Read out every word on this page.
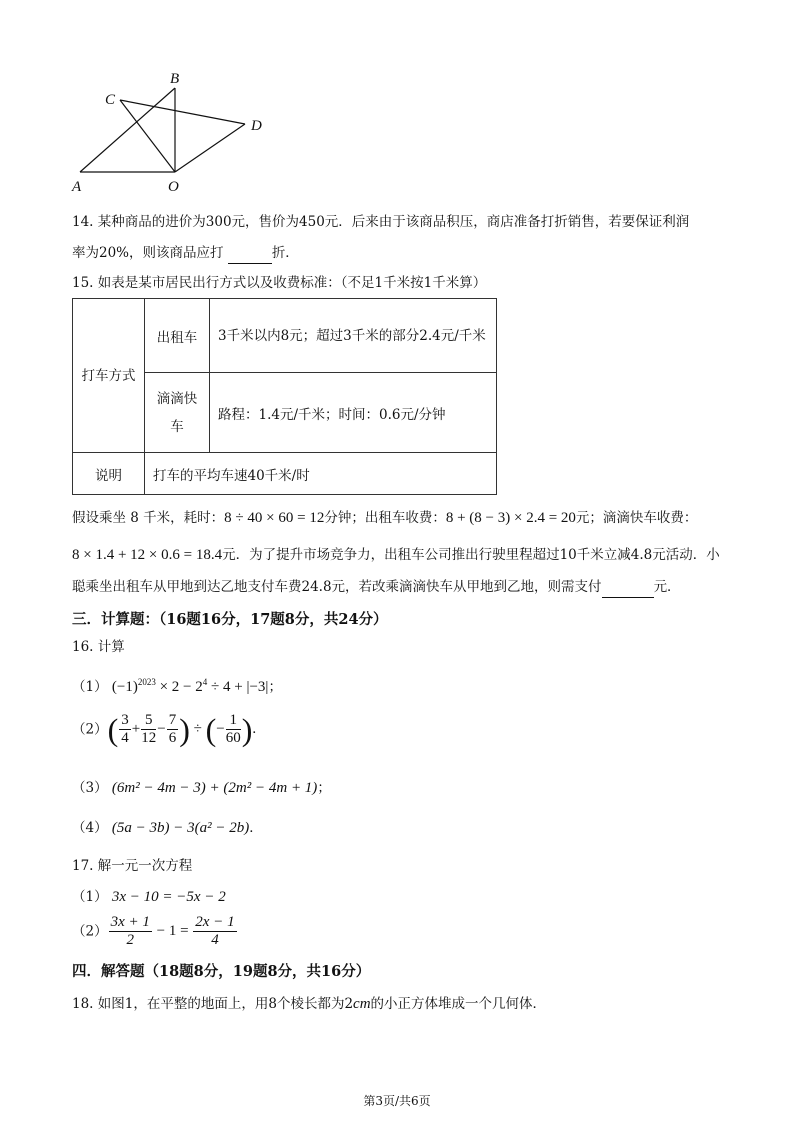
B
C
D
A	O
14. 某种商品的进价为300元，售价为450元．后来由于该商品积压，商店准备打折销售，若要保证利润
率为20%，则该商品应打	折．
15. 如表是某市居民出行方式以及收费标准：（不足1千米按1千米算）
打车方式	出租车	3千米以内8元；超过3千米的部分2.4元/千米
	滴滴快车	路程：1.4元/千米；时间：0.6元/分钟
说明	打车的平均车速40千米/时	
假设乘坐 8 千米，耗时：8 ÷ 40 × 60 = 12分钟；出租车收费：8 + (8 − 3) × 2.4 = 20元；滴滴快车收费：
8 × 1.4 + 12 × 0.6 = 18.4元．为了提升市场竞争力，出租车公司推出行驶里程超过10千米立减4.8元活动．小
聪乘坐出租车从甲地到达乙地支付车费24.8元，若改乘滴滴快车从甲地到乙地，则需支付	元．
三．计算题：（16题16分，17题8分，共24分）
16. 计算
（1） $(-1)^{2023} \times 2 - 2^4 \div 4 + |-3|$；
$(2)( \frac{3}{4} + \frac{5}{12} - \frac{7}{6}$ ) ÷ (− $\frac{1}{60}$ ).
（3） (6m² − 4m − 3) + (2m² − 4m + 1)；
（4） (5a − 3b) − 3(a² − 2b)．
17. 解一元一次方程
（1） 3x − 10 = −5x − 2
$(2) \frac{3x + 1}{2} - 1 = \frac{2x - 1}{4}$
四．解答题（18题8分，19题8分，共16分）
18. 如图1，在平整的地面上，用8个棱长都为2cm的小正方体堆成一个几何体．
第3页/共6页
